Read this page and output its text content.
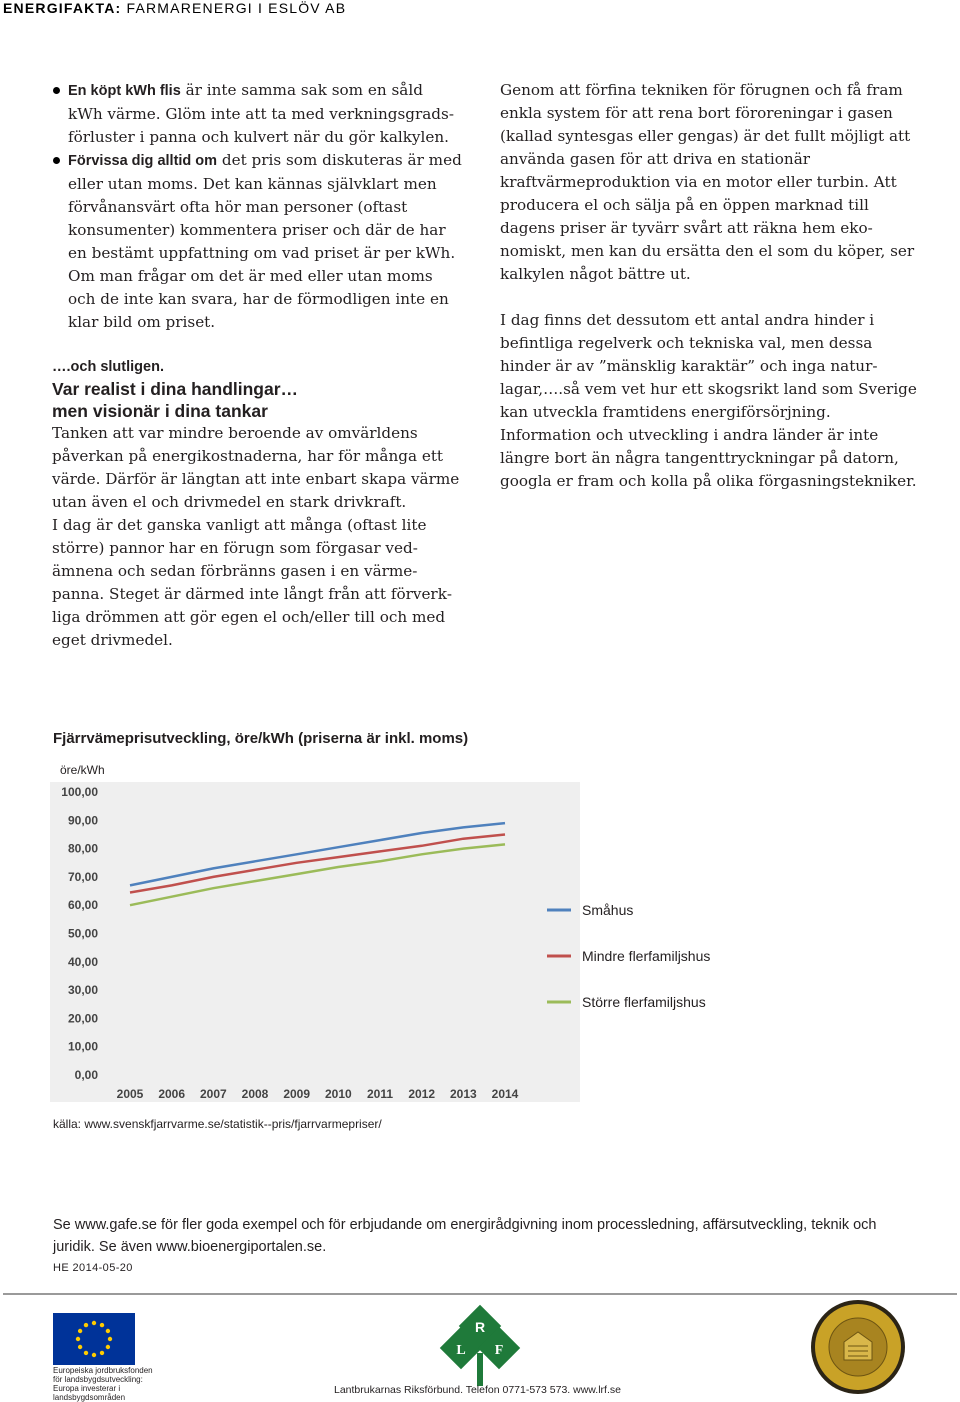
ENERGIFAKTA: FARMARENERGI I ESLÖV AB
En köpt kWh flis är inte samma sak som en såld kWh värme. Glöm inte att ta med verkningsgradsförluster i panna och kulvert när du gör kalkylen.
Förvissa dig alltid om det pris som diskuteras är med eller utan moms. Det kan kännas självklart men förvånansvärt ofta hör man personer (oftast konsumenter) kommentera priser och där de har en bestämt uppfattning om vad priset är per kWh. Om man frågar om det är med eller utan moms och de inte kan svara, har de förmodligen inte en klar bild om priset.
….och slutligen.
Var realist i dina handlingar…
men visionär i dina tankar

Tanken att var mindre beroende av omvärldens påverkan på energikostnaderna, har för många ett värde. Därför är längtan att inte enbart skapa värme utan även el och drivmedel en stark drivkraft.

I dag är det ganska vanligt att många (oftast lite större) pannor har en förugn som förgasar vedämnena och sedan förbränns gasen i en värmepanna. Steget är därmed inte långt från att förverkliga drömmen att gör egen el och/eller till och med eget drivmedel.

Genom att förfina tekniken för förugnen och få fram enkla system för att rena bort föroreningar i gasen (kallad syntesgas eller gengas) är det fullt möjligt att använda gasen för att driva en stationär kraftvärmeproduktion via en motor eller turbin. Att producera el och sälja på en öppen marknad till dagens priser är tyvärr svårt att räkna hem ekonomiskt, men kan du ersätta den el som du köper, ser kalkylen något bättre ut.

I dag finns det dessutom ett antal andra hinder i befintliga regelverk och tekniska val, men dessa hinder är av ”mänsklig karaktär” och inga naturlagar,….så vem vet hur ett skogsrikt land som Sverige kan utveckla framtidens energiförsörjning. Information och utveckling i andra länder är inte längre bort än några tangenttryckningar på datorn, googla er fram och kolla på olika förgasningstekniker.

Fjärrvämeprisutveckling, öre/kWh (priserna är inkl. moms)
öre/kWh
0,00
10,00
20,00
30,00
40,00
50,00
60,00
70,00
80,00
90,00
100,00
2005 2006 2007 2008 2009 2010 2011 2012 2013 2014
Småhus
Mindre flerfamiljshus
Större flerfamiljshus
källa: www.svenskfjarrvarme.se/statistik--pris/fjarrvarmepriser/
Se www.gafe.se för fler goda exempel och för erbjudande om energirådgivning inom processledning, affärsutveckling, teknik och juridik. Se även www.bioenergiportalen.se.
HE 2014-05-20
Europeiska jordbruksfonden för landsbygdsutveckling: Europa investerar i landsbygdsområden
R
L F
Lantbrukarnas Riksförbund. Telefon 0771-573 573. www.lrf.se
